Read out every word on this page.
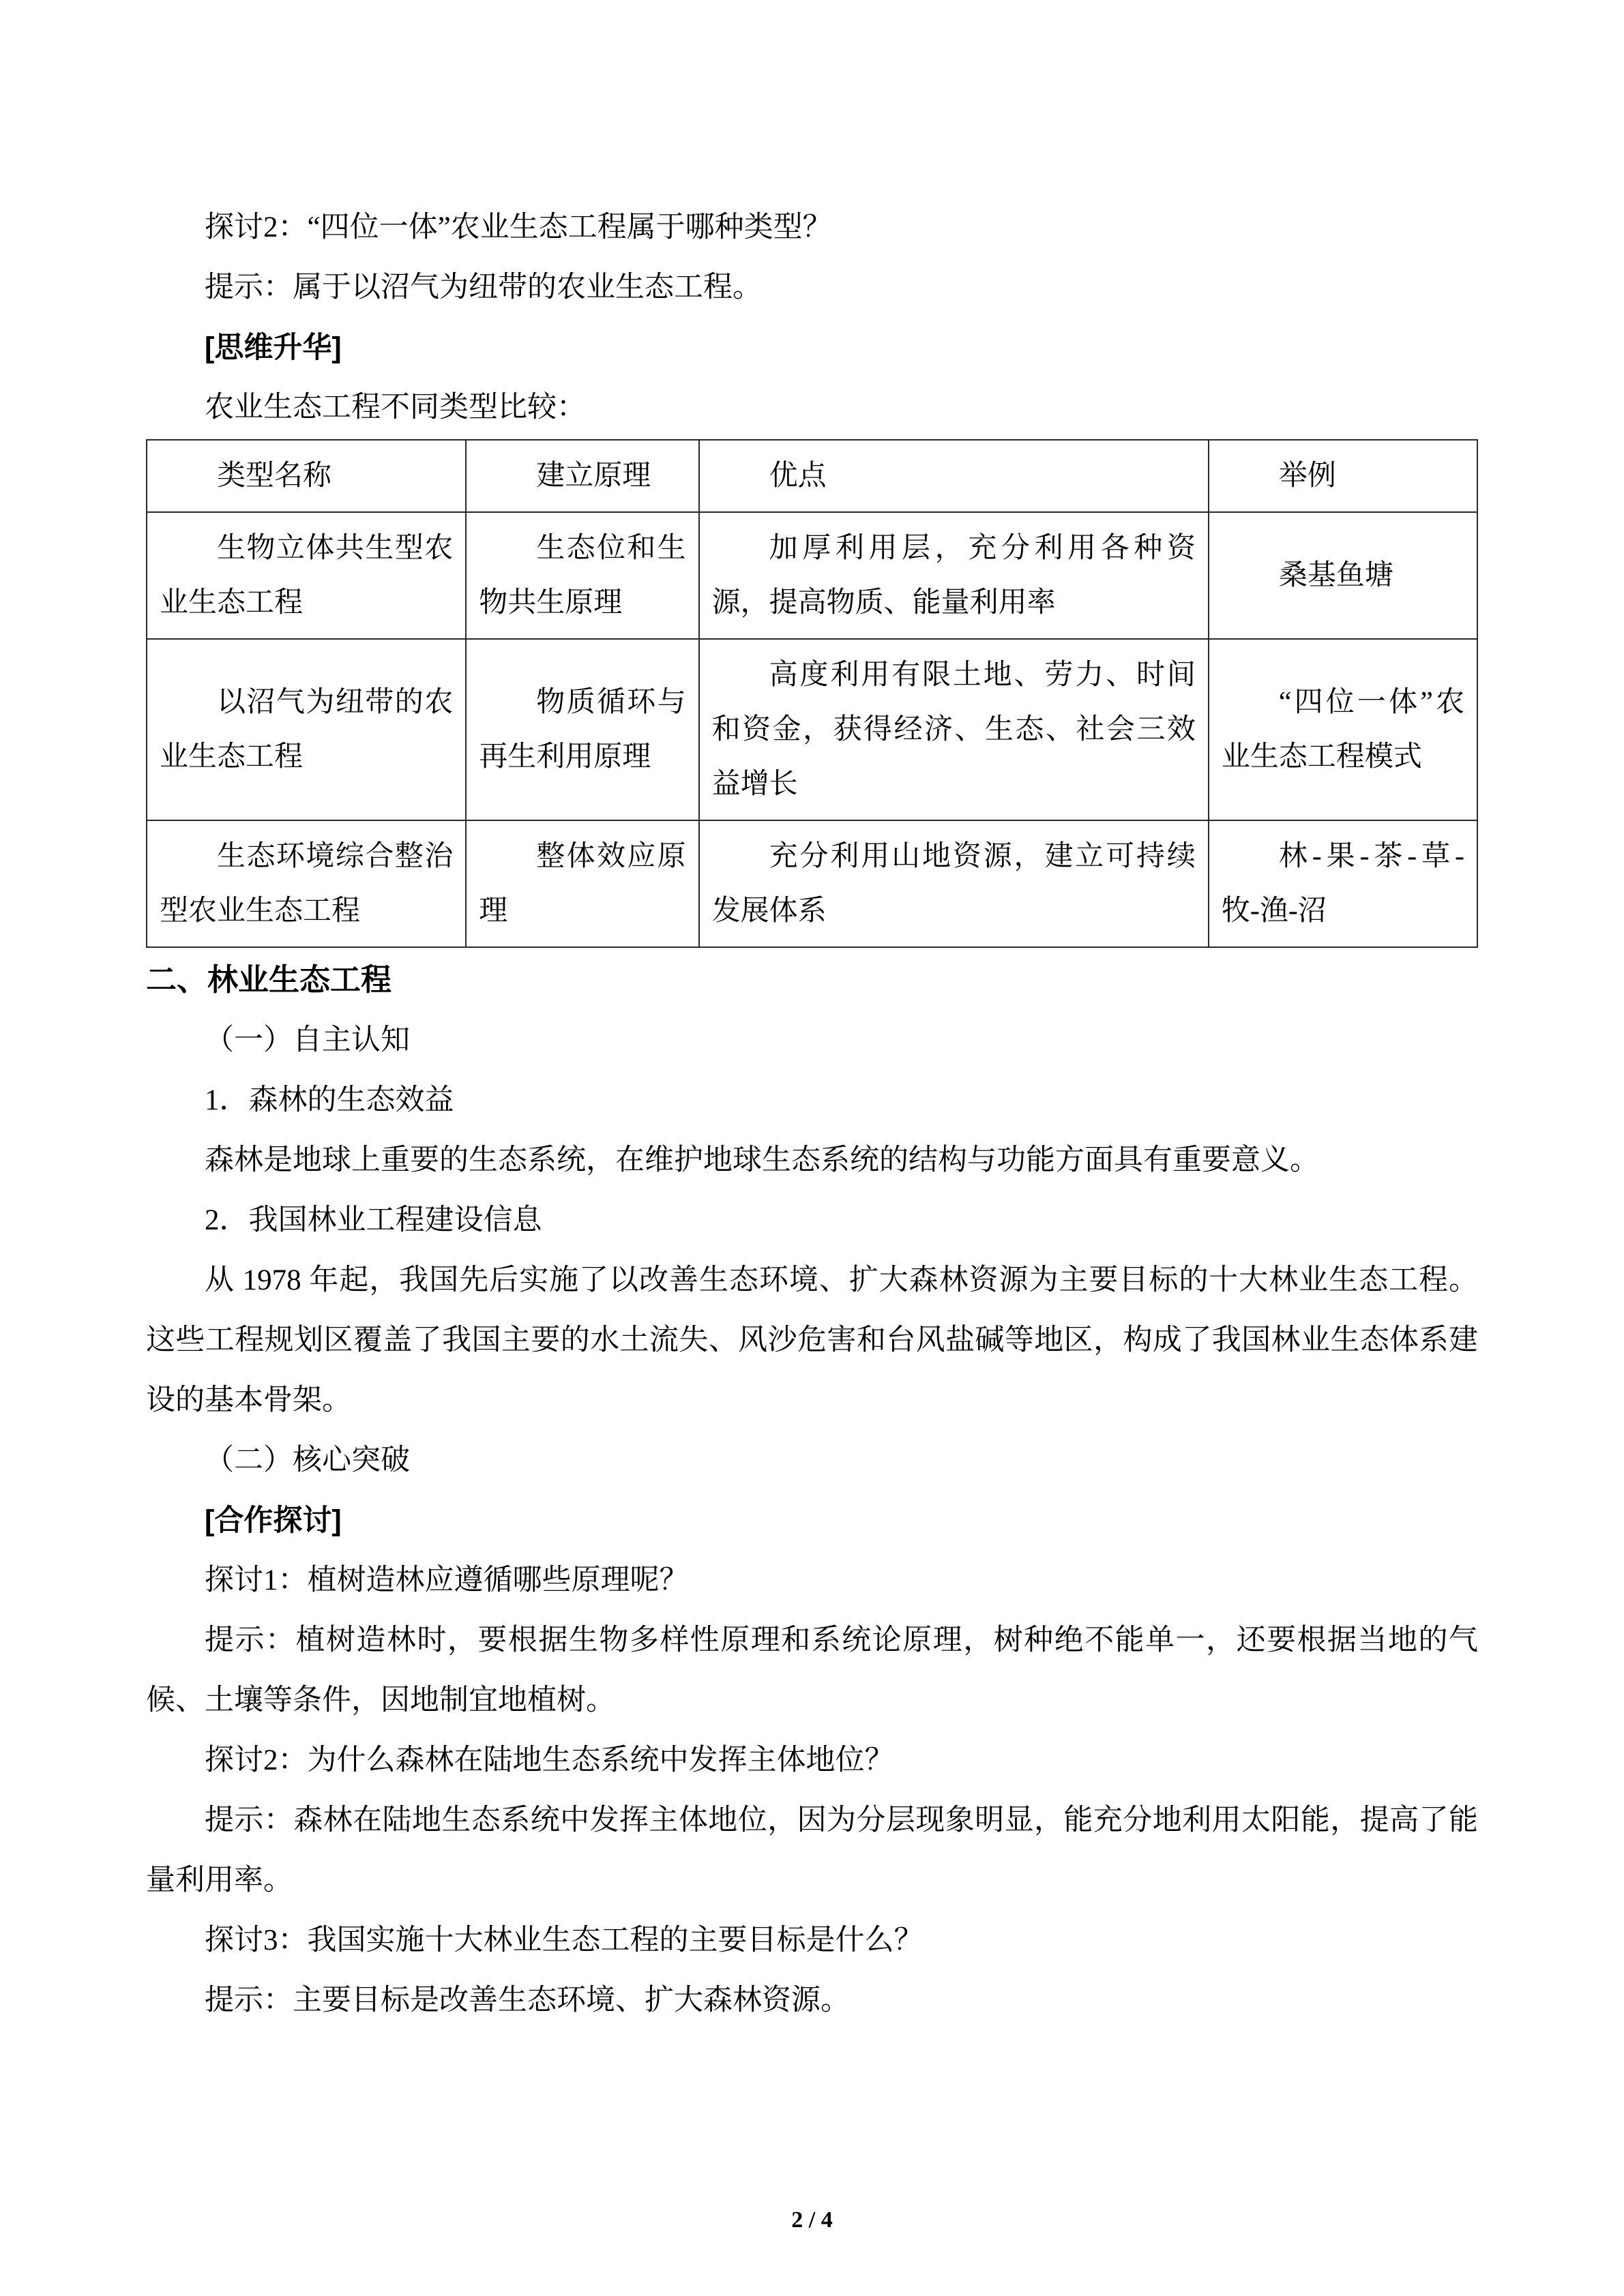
探讨2：“四位一体”农业生态工程属于哪种类型？

提示：属于以沼气为纽带的农业生态工程。

[思维升华]

农业生态工程不同类型比较：

类型名称	建立原理	优点	举例
生物立体共生型农业生态工程	生态位和生物共生原理	加厚利用层，充分利用各种资源，提高物质、能量利用率	桑基鱼塘
以沼气为纽带的农业生态工程	物质循环与再生利用原理	高度利用有限土地、劳力、时间和资金，获得经济、生态、社会三效益增长	“四位一体”农业生态工程模式
生态环境综合整治型农业生态工程	整体效应原理	充分利用山地资源，建立可持续发展体系	林-果-茶-草-牧-渔-沼
二、林业生态工程

（一）自主认知

1．森林的生态效益

森林是地球上重要的生态系统，在维护地球生态系统的结构与功能方面具有重要意义。

2．我国林业工程建设信息

从 1978 年起，我国先后实施了以改善生态环境、扩大森林资源为主要目标的十大林业生态工程。这些工程规划区覆盖了我国主要的水土流失、风沙危害和台风盐碱等地区，构成了我国林业生态体系建设的基本骨架。

（二）核心突破

[合作探讨]

探讨1：植树造林应遵循哪些原理呢？

提示：植树造林时，要根据生物多样性原理和系统论原理，树种绝不能单一，还要根据当地的气候、土壤等条件，因地制宜地植树。

探讨2：为什么森林在陆地生态系统中发挥主体地位？

提示：森林在陆地生态系统中发挥主体地位，因为分层现象明显，能充分地利用太阳能，提高了能量利用率。

探讨3：我国实施十大林业生态工程的主要目标是什么？

提示：主要目标是改善生态环境、扩大森林资源。

2 / 4
